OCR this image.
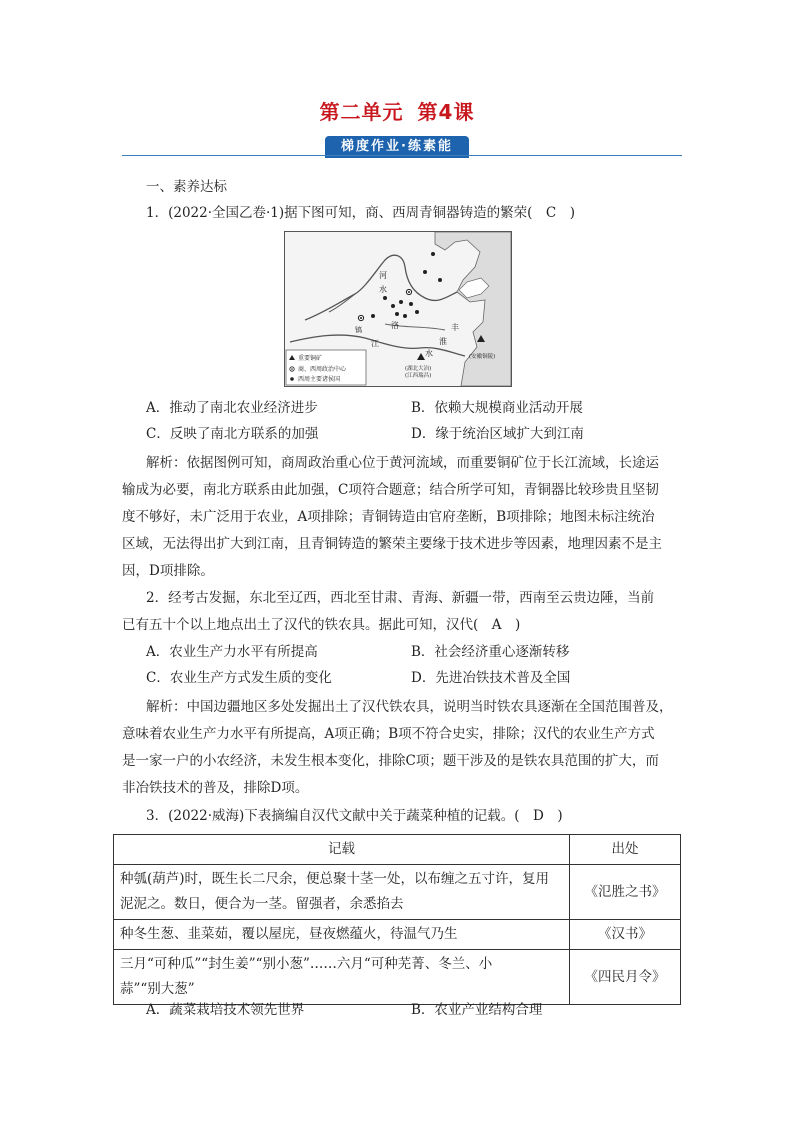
第二单元 第4课
梯度作业·练素能
一、素养达标
1．(2022·全国乙卷·1)据下图可知，商、西周青铜器铸造的繁荣(　C　)
河
水
洛
镐
江	淮
水
丰
(安徽铜陵)
(湖北大冶)
(江西瑞昌)
重要铜矿
商、西周政治中心
西周主要诸侯国
A．推动了南北农业经济进步	B．依赖大规模商业活动开展
C．反映了南北方联系的加强	D．缘于统治区域扩大到江南
解析：依据图例可知，商周政治重心位于黄河流域，而重要铜矿位于长江流域，长途运
输成为必要，南北方联系由此加强，C项符合题意；结合所学可知，青铜器比较珍贵且坚韧
度不够好，未广泛用于农业，A项排除；青铜铸造由官府垄断，B项排除；地图未标注统治
区域，无法得出扩大到江南，且青铜铸造的繁荣主要缘于技术进步等因素，地理因素不是主
因，D项排除。
2．经考古发掘，东北至辽西，西北至甘肃、青海、新疆一带，西南至云贵边陲，当前
已有五十个以上地点出土了汉代的铁农具。据此可知，汉代(　A　)
A．农业生产力水平有所提高	B．社会经济重心逐渐转移
C．农业生产方式发生质的变化	D．先进冶铁技术普及全国
解析：中国边疆地区多处发掘出土了汉代铁农具，说明当时铁农具逐渐在全国范围普及，
意味着农业生产力水平有所提高，A项正确；B项不符合史实，排除；汉代的农业生产方式
是一家一户的小农经济，未发生根本变化，排除C项；题干涉及的是铁农具范围的扩大，而
非冶铁技术的普及，排除D项。
3．(2022·威海)下表摘编自汉代文献中关于蔬菜种植的记载。(　D　)
记载	出处

种瓠(葫芦)时，既生长二尺余，便总聚十茎一处，以布缠之五寸许，复用
泥泥之。数日，便合为一茎。留强者，余悉掐去	《氾胜之书》

种冬生葱、韭菜茹，覆以屋庑，昼夜燃蕴火，待温气乃生	《汉书》

三月“可种瓜”“封生姜”“别小葱”……六月“可种芜菁、冬兰、小
蒜”“别大葱”	《四民月令》
A．蔬菜栽培技术领先世界	B．农业产业结构合理
